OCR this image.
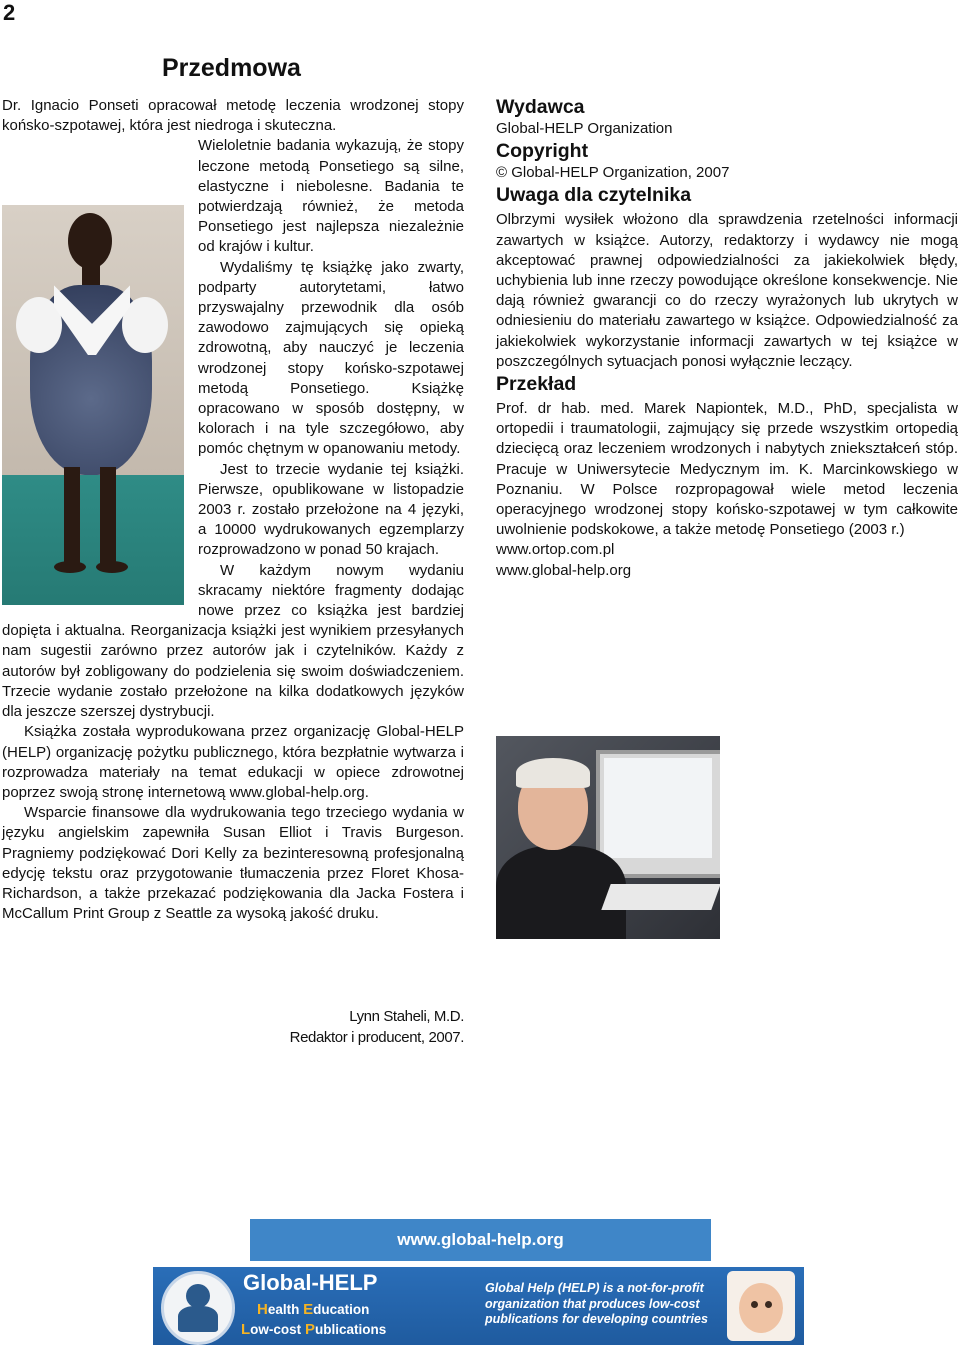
2
Przedmowa

Dr. Ignacio Ponseti opracował metodę leczenia wrodzonej stopy końsko-szpotawej, która jest niedroga i skuteczna.

Wieloletnie badania wykazują, że stopy leczone metodą Ponsetiego są silne, elastyczne i niebolesne. Badania te potwierdzają również, że metoda Ponsetiego jest najlepsza niezależnie od krajów i kultur.

Wydaliśmy tę książkę jako zwarty, podparty autorytetami, łatwo przyswajalny przewodnik dla osób zawodowo zajmujących się opieką zdrowotną, aby nauczyć je leczenia wrodzonej stopy końsko-szpotawej metodą Ponsetiego. Książkę opracowano w sposób dostępny, w kolorach i na tyle szczegółowo, aby pomóc chętnym w opanowaniu metody.

Jest to trzecie wydanie tej książki. Pierwsze, opublikowane w listopadzie 2003 r. zostało przełożone na 4 języki, a 10000 wydrukowanych egzemplarzy rozprowadzono w ponad 50 krajach.

W każdym nowym wydaniu skracamy niektóre fragmenty dodając nowe przez co książka jest bardziej dopięta i aktualna. Reorganizacja książki jest wynikiem przesyłanych nam sugestii zarówno przez autorów jak i czytelników. Każdy z autorów był zobligowany do podzielenia się swoim doświadczeniem. Trzecie wydanie zostało przełożone na kilka dodatkowych języków dla jeszcze szerszej dystrybucji.

Książka została wyprodukowana przez organizację Global-HELP (HELP) organizację pożytku publicznego, która bezpłatnie wytwarza i rozprowadza materiały na temat edukacji w opiece zdrowotnej poprzez swoją stronę internetową www.global-help.org.

Wsparcie finansowe dla wydrukowania tego trzeciego wydania w języku angielskim zapewniła Susan Elliot i Travis Burgeson. Pragniemy podziękować Dori Kelly za bezinteresowną profesjonalną edycję tekstu oraz przygotowanie tłumaczenia przez Floret Khosa-Richardson, a także przekazać podziękowania dla Jacka Fostera i McCallum Print Group z Seattle za wysoką jakość druku.

Lynn Staheli, M.D.
Redaktor i producent, 2007.
Wydawca

Global-HELP Organization

Copyright

© Global-HELP Organization, 2007

Uwaga dla czytelnika

Olbrzymi wysiłek włożono dla sprawdzenia rzetelności informacji zawartych w książce. Autorzy, redaktorzy i wydawcy nie mogą akceptować prawnej odpowiedzialności za jakiekolwiek błędy, uchybienia lub inne rzeczy powodujące określone konsekwencje. Nie dają również gwarancji co do rzeczy wyrażonych lub ukrytych w odniesieniu do materiału zawartego w książce. Odpowiedzialność za jakiekolwiek wykorzystanie informacji zawartych w tej książce w poszczególnych sytuacjach ponosi wyłącznie leczący.

Przekład

Prof. dr hab. med. Marek Napiontek, M.D., PhD, specjalista w ortopedii i traumatologii, zajmujący się przede wszystkim ortopedią dziecięcą oraz leczeniem wrodzonych i nabytych zniekształceń stóp. Pracuje w Uniwersytecie Medycznym im. K. Marcinkowskiego w Poznaniu. W Polsce rozpropagował wiele metod leczenia operacyjnego wrodzonej stopy końsko-szpotawej w tym całkowite uwolnienie podskokowe, a także metodę Ponsetiego (2003 r.)

www.ortop.com.pl

www.global-help.org

www.global-help.org
Global-HELP
Health Education
Low-cost Publications
Global Help (HELP) is a not-for-profit organization that produces low-cost publications for developing countries
